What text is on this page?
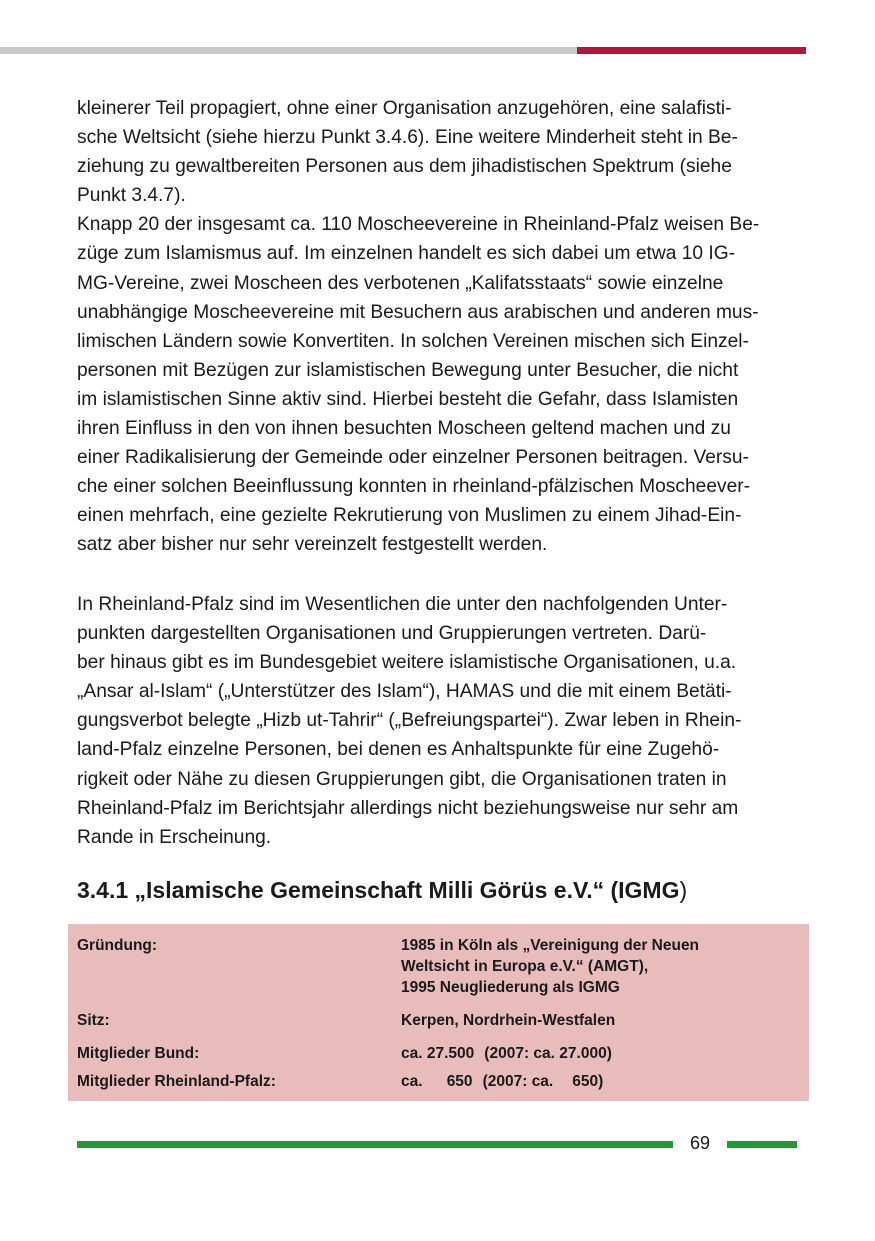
kleinerer Teil propagiert, ohne einer Organisation anzugehören, eine salafisti-
sche Weltsicht (siehe hierzu Punkt 3.4.6). Eine weitere Minderheit steht in Be-
ziehung zu gewaltbereiten Personen aus dem jihadistischen Spektrum (siehe
Punkt 3.4.7).
Knapp 20 der insgesamt ca. 110 Moscheevereine in Rheinland-Pfalz weisen Be-
züge zum Islamismus auf. Im einzelnen handelt es sich dabei um etwa 10 IG-
MG-Vereine, zwei Moscheen des verbotenen „Kalifatsstaats“ sowie einzelne
unabhängige Moscheevereine mit Besuchern aus arabischen und anderen mus-
limischen Ländern sowie Konvertiten. In solchen Vereinen mischen sich Einzel-
personen mit Bezügen zur islamistischen Bewegung unter Besucher, die nicht
im islamistischen Sinne aktiv sind. Hierbei besteht die Gefahr, dass Islamisten
ihren Einfluss in den von ihnen besuchten Moscheen geltend machen und zu
einer Radikalisierung der Gemeinde oder einzelner Personen beitragen. Versu-
che einer solchen Beeinflussung konnten in rheinland-pfälzischen Moscheever-
einen mehrfach, eine gezielte Rekrutierung von Muslimen zu einem Jihad-Ein-
satz aber bisher nur sehr vereinzelt festgestellt werden.
In Rheinland-Pfalz sind im Wesentlichen die unter den nachfolgenden Unter-
punkten dargestellten Organisationen und Gruppierungen vertreten. Darü-
ber hinaus gibt es im Bundesgebiet weitere islamistische Organisationen, u.a.
„Ansar al-Islam“ („Unterstützer des Islam“), HAMAS und die mit einem Betäti-
gungsverbot belegte „Hizb ut-Tahrir“ („Befreiungspartei“). Zwar leben in Rhein-
land-Pfalz einzelne Personen, bei denen es Anhaltspunkte für eine Zugehö-
rigkeit oder Nähe zu diesen Gruppierungen gibt, die Organisationen traten in
Rheinland-Pfalz im Berichtsjahr allerdings nicht beziehungsweise nur sehr am
Rande in Erscheinung.
3.4.1 „Islamische Gemeinschaft Milli Görüs e.V.“ (IGMG)
Gründung:	1985 in Köln als „Vereinigung der Neuen
Weltsicht in Europa e.V.“ (AMGT),
1995 Neugliederung als IGMG
Sitz:	Kerpen, Nordrhein-Westfalen
Mitglieder Bund:	ca. 27.500 (2007: ca. 27.000)
Mitglieder Rheinland-Pfalz:	ca. 650 (2007: ca. 650)
69
